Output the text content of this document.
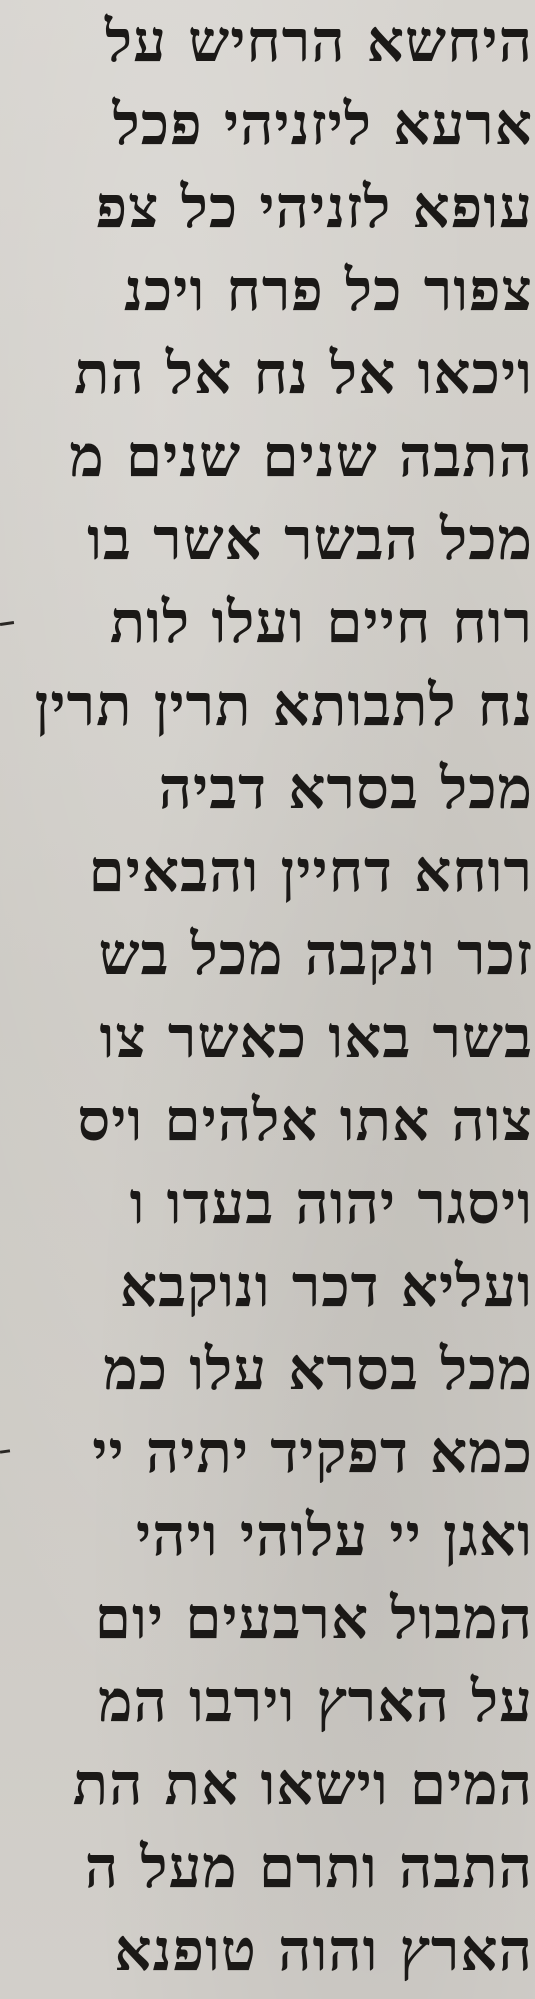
היחשא הרחיש על
ארעא ליזניהי פכל
עופא לזניהי כל צפ
צפור כל פרח ויכנ
ויכאו אל נח אל הת
התבה שנים שנים מ
מכל הבשר אשר בו
רוח חיים ועלו לות
נח לתבותא תרין תרין
מכל בסרא דביה
רוחא דחיין והבאים
זכר ונקבה מכל בש
בשר באו כאשר צו
צוה אתו אלהים ויס
ויסגר יהוה בעדו ו
ועליא דכר ונוקבא
מכל בסרא עלו כמ
כמא דפקיד יתיה יי
ואגן יי עלוהי ויהי
המבול ארבעים יום
על הארץ וירבו המ
המים וישאו את הת
התבה ותרם מעל ה
הארץ והוה טופנא
